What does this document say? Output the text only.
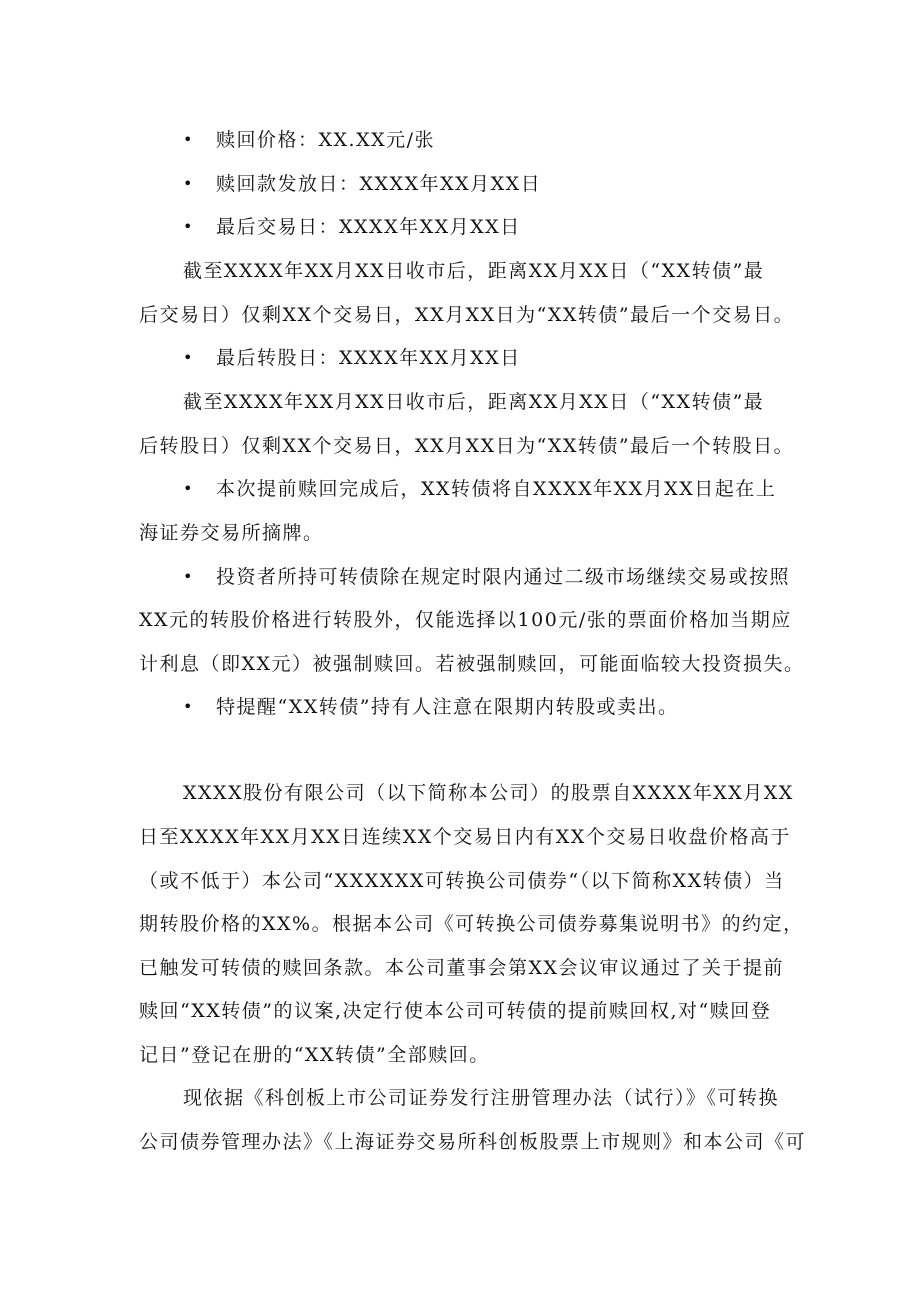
• 赎回价格：XX.XX元/张
• 赎回款发放日：XXXX年XX月XX日
• 最后交易日：XXXX年XX月XX日
截至XXXX年XX月XX日收市后，距离XX月XX日（“XX转债”最
后交易日）仅剩XX个交易日，XX月XX日为“XX转债”最后一个交易日。
• 最后转股日：XXXX年XX月XX日
截至XXXX年XX月XX日收市后，距离XX月XX日（“XX转债”最
后转股日）仅剩XX个交易日，XX月XX日为“XX转债”最后一个转股日。
• 本次提前赎回完成后，XX转债将自XXXX年XX月XX日起在上
海证券交易所摘牌。
• 投资者所持可转债除在规定时限内通过二级市场继续交易或按照
XX元的转股价格进行转股外，仅能选择以100元/张的票面价格加当期应
计利息（即XX元）被强制赎回。若被强制赎回，可能面临较大投资损失。
• 特提醒“XX转债”持有人注意在限期内转股或卖出。
XXXX股份有限公司（以下简称本公司）的股票自XXXX年XX月XX
日至XXXX年XX月XX日连续XX个交易日内有XX个交易日收盘价格高于
（或不低于）本公司“XXXXXX可转换公司债券“（以下简称XX转债）当
期转股价格的XX%。根据本公司《可转换公司债券募集说明书》的约定，
已触发可转债的赎回条款。本公司董事会第XX会议审议通过了关于提前
赎回“XX转债”的议案,决定行使本公司可转债的提前赎回权,对“赎回登
记日”登记在册的“XX转债”全部赎回。
现依据《科创板上市公司证券发行注册管理办法（试行）》《可转换
公司债券管理办法》《上海证券交易所科创板股票上市规则》和本公司《可
